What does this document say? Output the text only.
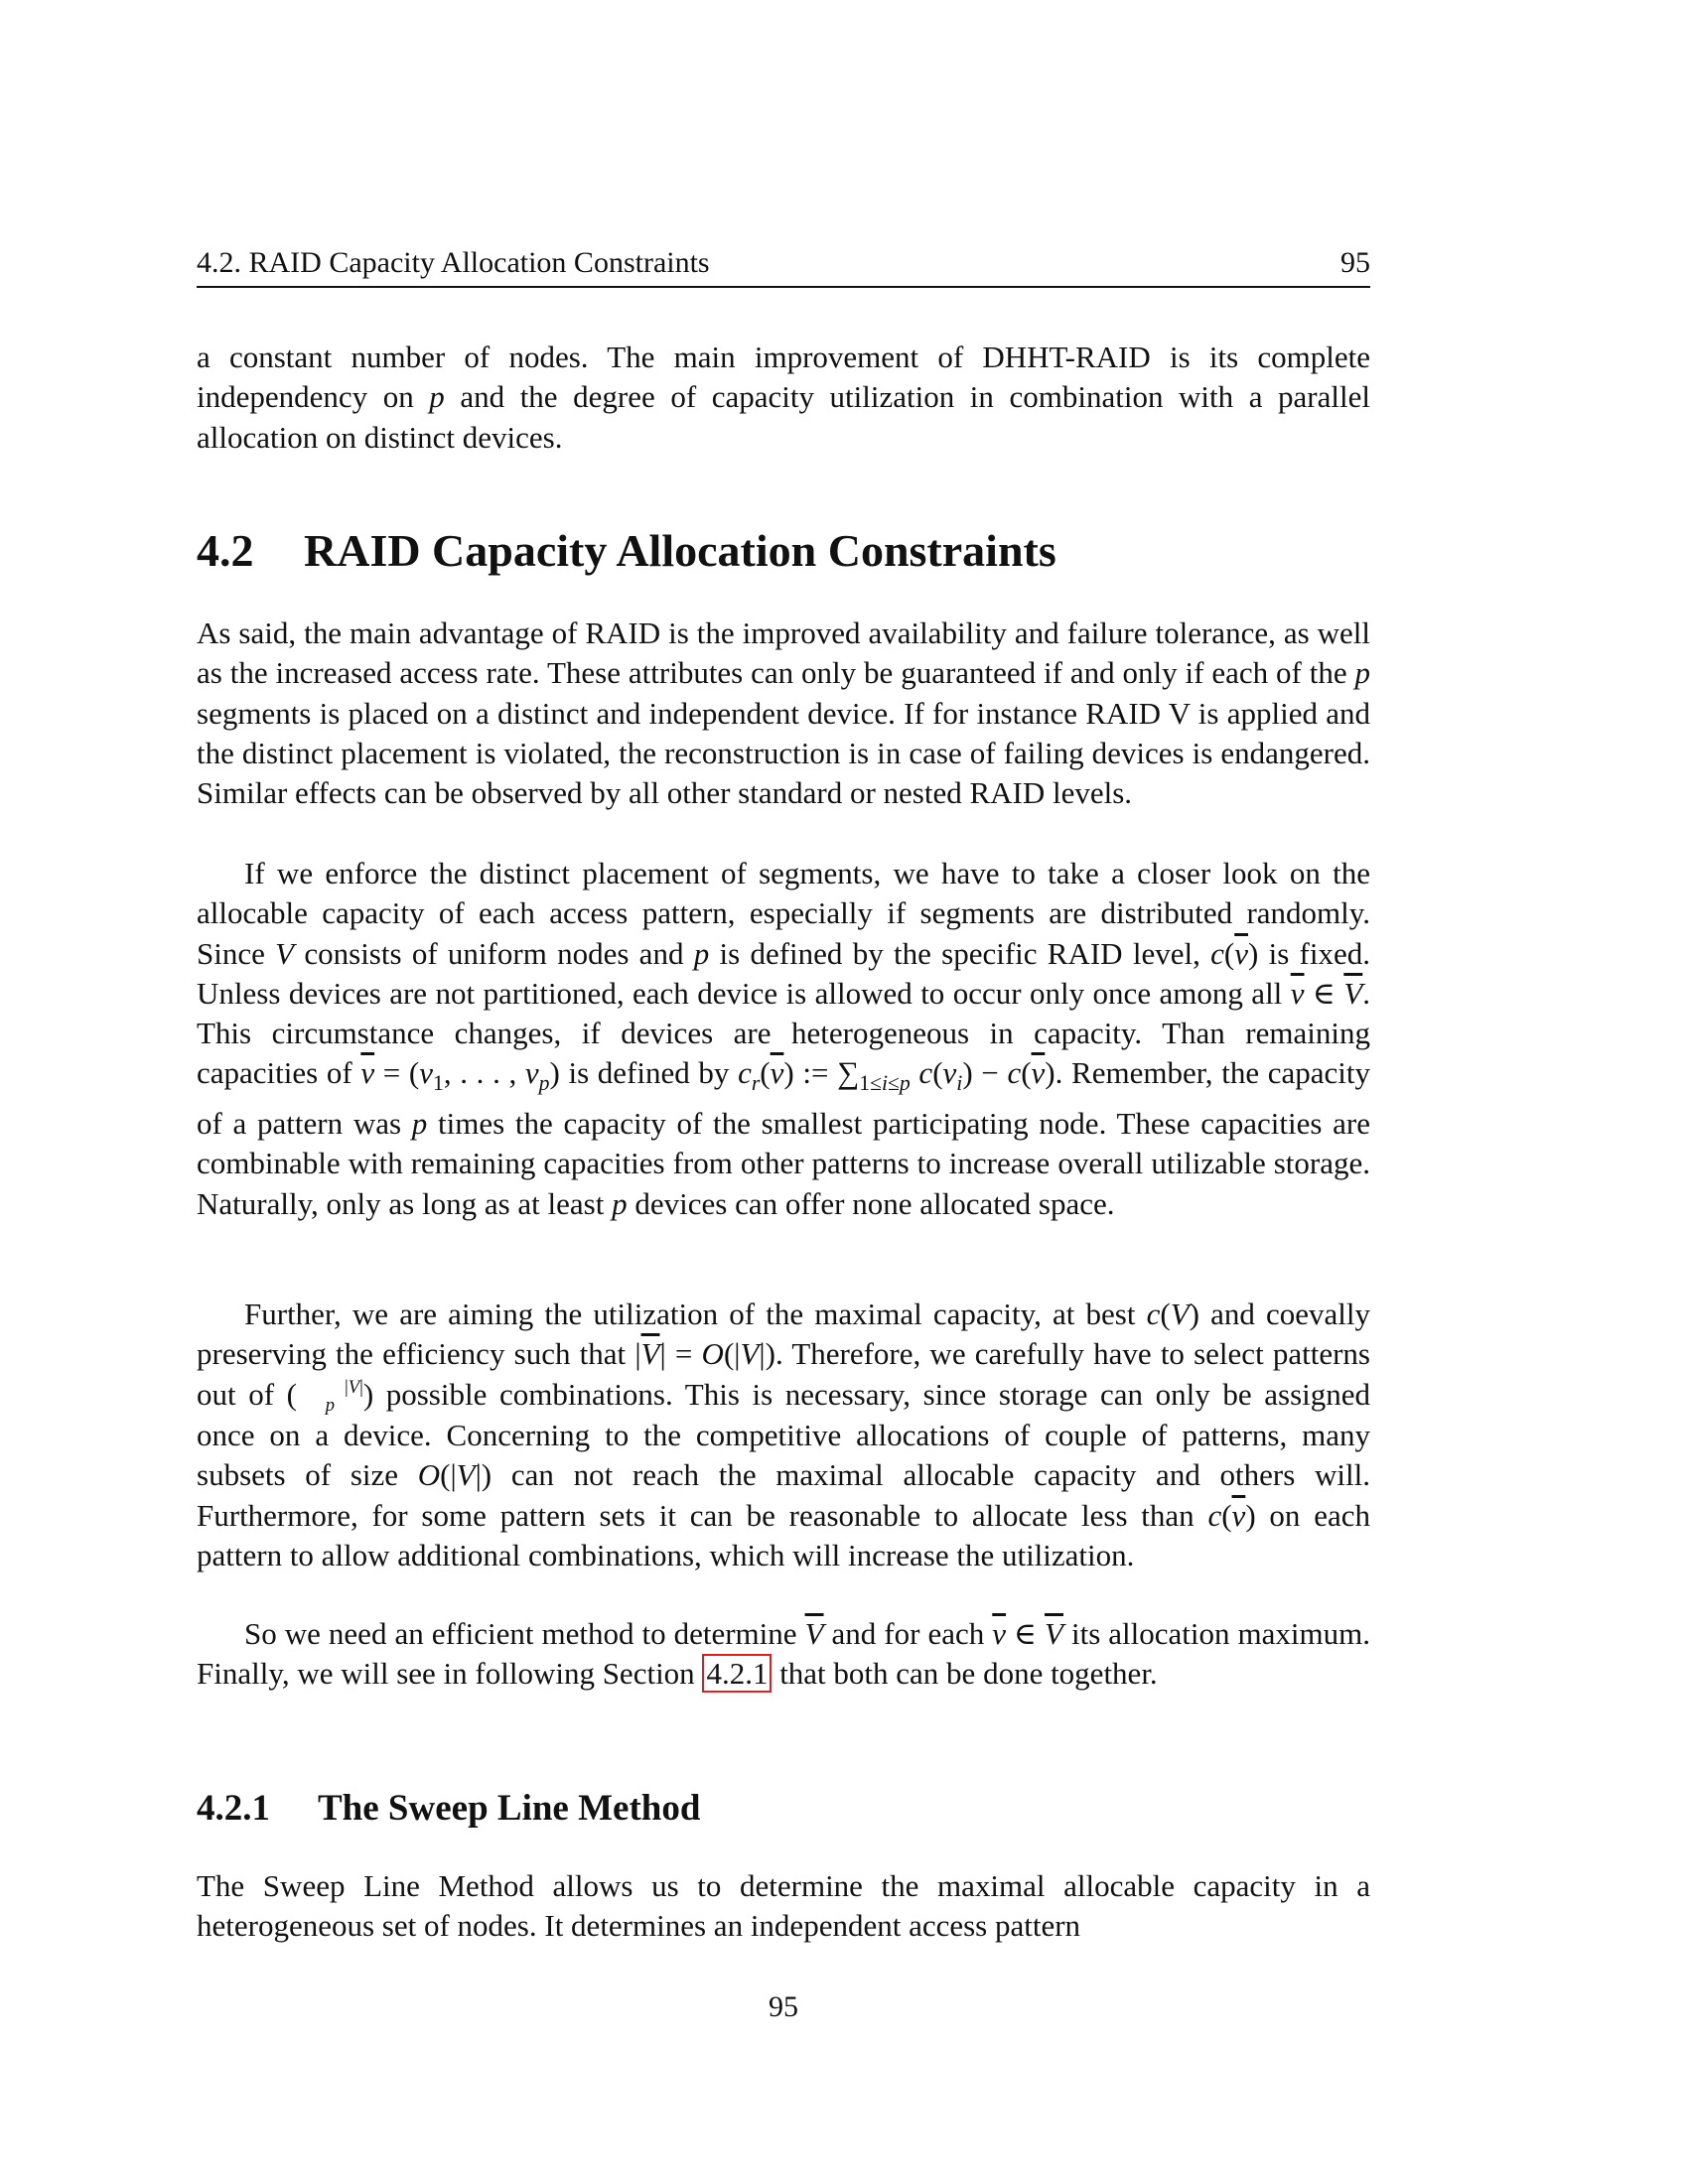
4.2. RAID Capacity Allocation Constraints	95

a constant number of nodes. The main improvement of DHHT-RAID is its complete independency on p and the degree of capacity utilization in combination with a parallel allocation on distinct devices.

4.2 RAID Capacity Allocation Constraints

As said, the main advantage of RAID is the improved availability and failure tolerance, as well as the increased access rate. These attributes can only be guaranteed if and only if each of the p segments is placed on a distinct and independent device. If for instance RAID V is applied and the distinct placement is violated, the reconstruction is in case of failing devices is endangered. Similar effects can be observed by all other standard or nested RAID levels.

If we enforce the distinct placement of segments, we have to take a closer look on the allocable capacity of each access pattern, especially if segments are distributed randomly. Since V consists of uniform nodes and p is defined by the specific RAID level, $c(\overline{v})$ is fixed. Unless devices are not partitioned, each device is allowed to occur only once among all $\overline{v}$ ∈ $\overline{V}$. This circumstance changes, if devices are heterogeneous in capacity. Than remaining capacities of $\overline{v} = (v_1$, . . . , $v_p$) is defined by $c_r(\overline{v})$ := $\sum_{1\le i\le p}$ $c(v_i) - c(\overline{v})$. Remember, the capacity of a pattern was p times the capacity of the smallest participating node. These capacities are combinable with remaining capacities from other patterns to increase overall utilizable storage. Naturally, only as long as at least p devices can offer none allocated space.

Further, we are aiming the utilization of the maximal capacity, at best c(V) and coevally preserving the efficiency such that $|\overline{V}| = O(|V|)$. Therefore, we carefully have to select patterns out of (	|V|
p ) possible combinations. This is necessary, since storage can only be assigned once on a device. Concerning to the competitive allocations of couple of patterns, many subsets of size O(|V|) can not reach the maximal allocable capacity and others will. Furthermore, for some pattern sets it can be reasonable to allocate less than $c(\overline{v})$ on each pattern to allow additional combinations, which will increase the utilization.

So we need an efficient method to determine $\overline{V}$ and for each $\overline{v}$ ∈ $\overline{V}$ its allocation maximum. Finally, we will see in following Section 4.2.1 that both can be done together.

4.2.1 The Sweep Line Method

The Sweep Line Method allows us to determine the maximal allocable capacity in a heterogeneous set of nodes. It determines an independent access pattern

95
